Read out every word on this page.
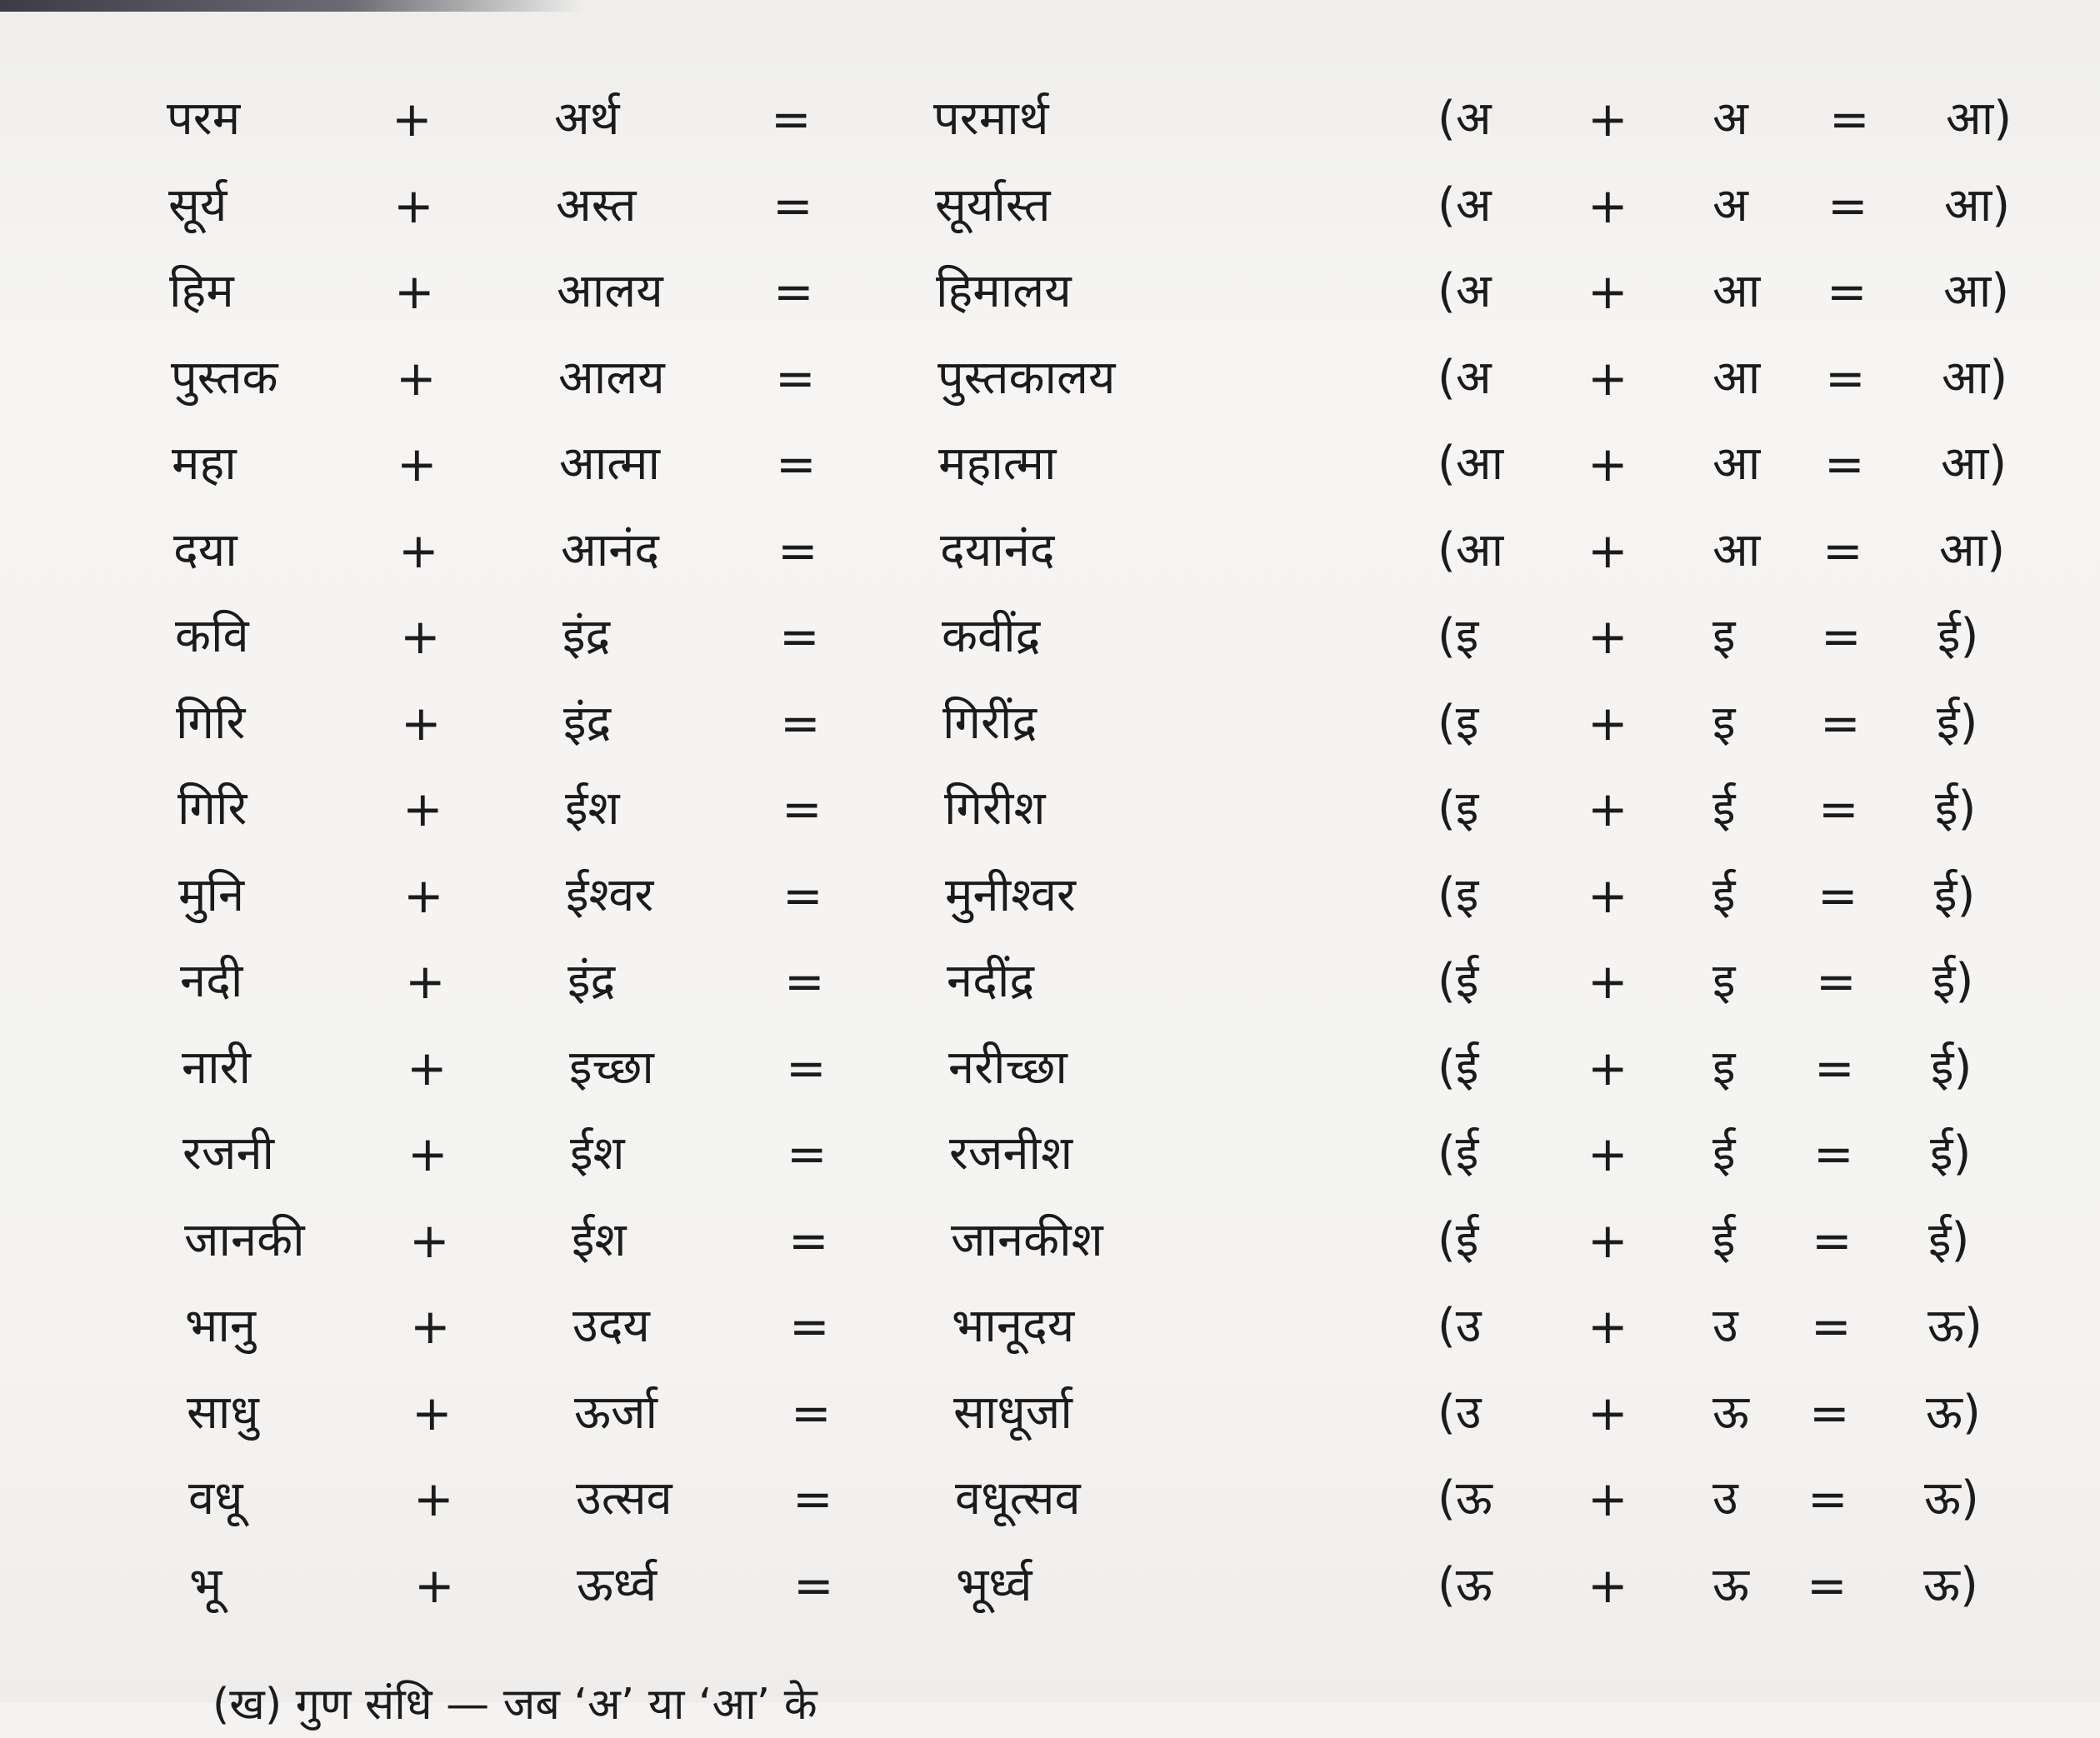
परम	+	अर्थ	=	परमार्थ	(अ + अ = आ)
सूर्य	+	अस्त	=	सूर्यास्त	(अ + अ = आ)
हिम	+	आलय =	हिमालय	(अ + आ = आ)
पुस्तक +	आलय =	पुस्तकालय	(अ + आ = आ)
महा	+	आत्मा =	महात्मा	(आ + आ = आ)
दया	+	आनंद =	दयानंद	(आ + आ = आ)
कवि	+	इंद्र	=	कवींद्र	(इ + इ = ई)
गिरि	+	इंद्र	=	गिरींद्र	(इ + इ = ई)
गिरि	+	ईश	=	गिरीश	(इ + ई = ई)
मुनि	+	ईश्वर	=	मुनीश्वर	(इ + ई = ई)
नदी	+	इंद्र	=	नदींद्र	(ई + इ = ई)
नारी	+	इच्छा	=	नरीच्छा	(ई + इ = ई)
रजनी	+	ईश	=	रजनीश	(ई + ई = ई)
जानकी +	ईश	=	जानकीश	(ई + ई = ई)
भानु	+	उदय	=	भानूदय	(उ + उ = ऊ)
साधु	+	ऊर्जा	=	साधूर्जा	(उ + ऊ = ऊ)
वधू	+	उत्सव =	वधूत्सव	(ऊ + उ = ऊ)
भू	+	ऊर्ध्व	=	भूर्ध्व	(ऊ + ऊ = ऊ)
(ख) गुण संधि — जब ‘अ’ या ‘आ’ के
